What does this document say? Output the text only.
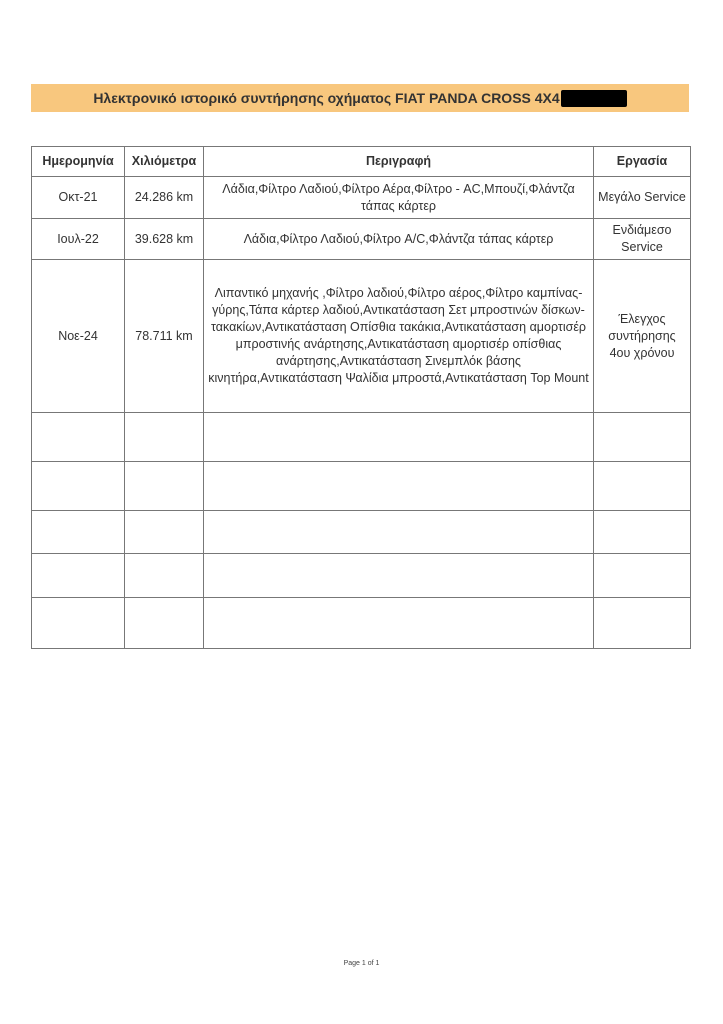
Ηλεκτρονικό ιστορικό συντήρησης οχήματος FIAT PANDA CROSS 4X4
Ημερομηνία	Χιλιόμετρα	Περιγραφή	Εργασία
Οκτ-21	24.286 km	Λάδια,Φίλτρο Λαδιού,Φίλτρο Αέρα,Φίλτρο - AC,Μπουζί,Φλάντζα τάπας κάρτερ	Μεγάλο Service
Ιουλ-22	39.628 km	Λάδια,Φίλτρο Λαδιού,Φίλτρο A/C,Φλάντζα τάπας κάρτερ	Ενδιάμεσο Service
Νοε-24	78.711 km	Λιπαντικό μηχανής ,Φίλτρο λαδιού,Φίλτρο αέρος,Φίλτρο καμπίνας-γύρης,Τάπα κάρτερ λαδιού,Αντικατάσταση Σετ μπροστινών δίσκων-τακακίων,Αντικατάσταση Οπίσθια τακάκια,Αντικατάσταση αμορτισέρ μπροστινής ανάρτησης,Αντικατάσταση αμορτισέρ οπίσθιας ανάρτησης,Αντικατάσταση Σινεμπλόκ βάσης κινητήρα,Αντικατάσταση Ψαλίδια μπροστά,Αντικατάσταση Top Mount	Έλεγχος συντήρησης 4ου χρόνου

Page 1 of 1
